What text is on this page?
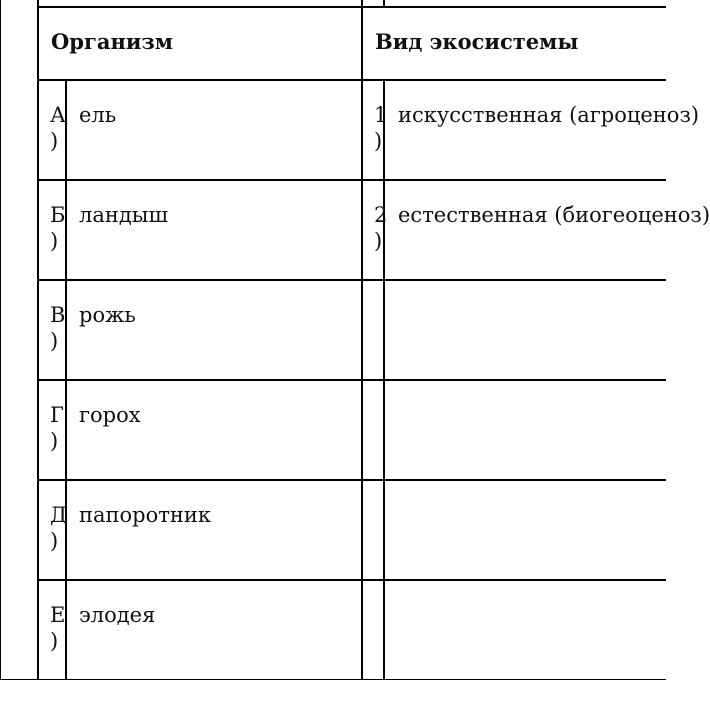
Организм	Вид экосистемы
А
)
ель
Б
)
ландыш
В
)
рожь
Г
)
горох
Д
)
папоротник
Е
)
элодея
1
)
искусственная (агроценоз)
2
)
естественная (биогеоценоз)
